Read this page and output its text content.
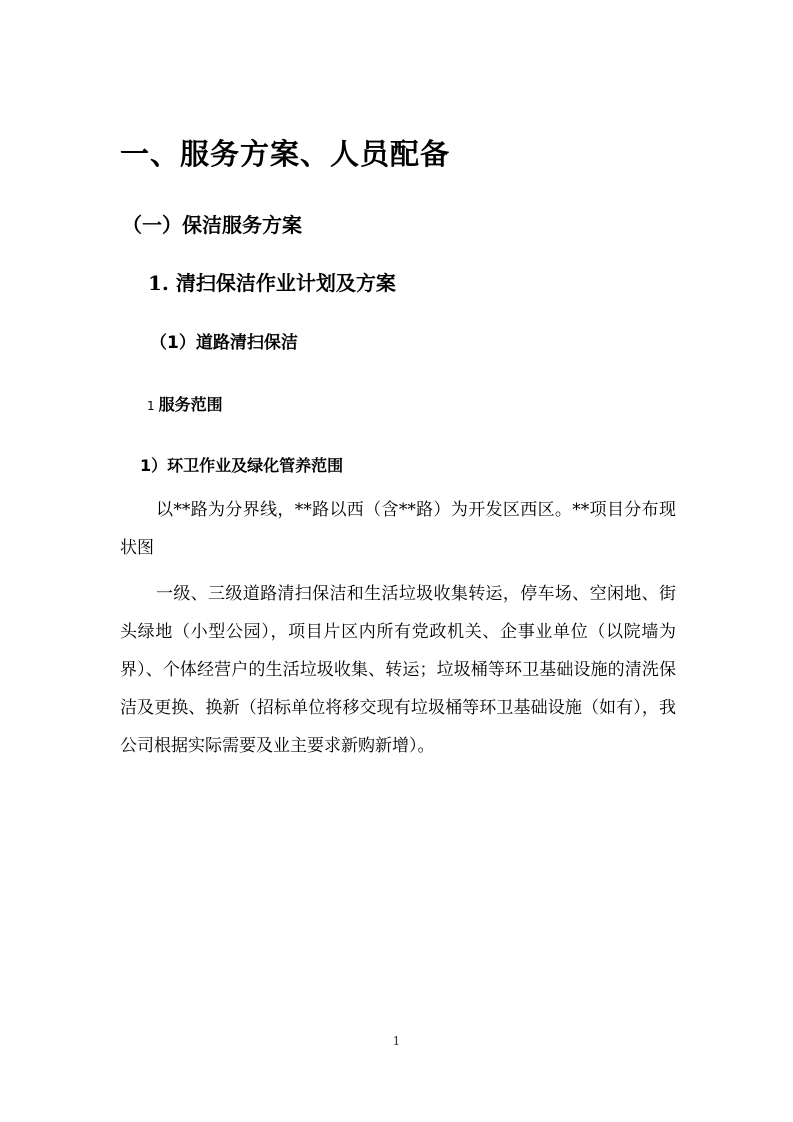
一、服务方案、人员配备
（一）保洁服务方案
1. 清扫保洁作业计划及方案
（1）道路清扫保洁
1 服务范围
1）环卫作业及绿化管养范围

以**路为分界线，**路以西（含**路）为开发区西区。**项目分布现状图

一级、三级道路清扫保洁和生活垃圾收集转运，停车场、空闲地、街头绿地（小型公园），项目片区内所有党政机关、企事业单位（以院墙为界）、个体经营户的生活垃圾收集、转运；垃圾桶等环卫基础设施的清洗保洁及更换、换新（招标单位将移交现有垃圾桶等环卫基础设施（如有），我公司根据实际需要及业主要求新购新增）。

1
